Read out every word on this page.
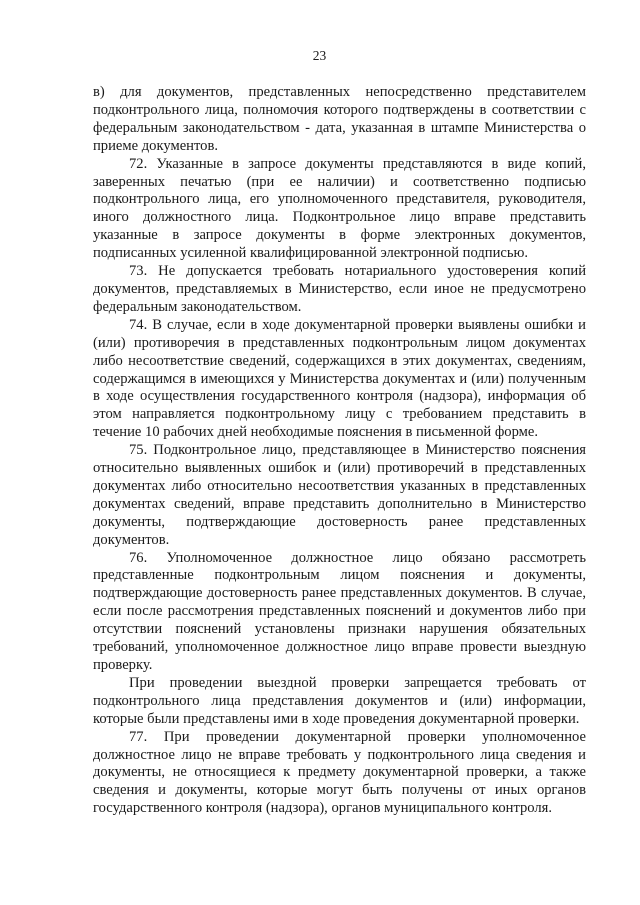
23

в) для документов, представленных непосредственно представителем подконтрольного лица, полномочия которого подтверждены в соответствии с федеральным законодательством - дата, указанная в штампе Министерства о приеме документов.

72. Указанные в запросе документы представляются в виде копий, заверенных печатью (при ее наличии) и соответственно подписью подконтрольного лица, его уполномоченного представителя, руководителя, иного должностного лица. Подконтрольное лицо вправе представить указанные в запросе документы в форме электронных документов, подписанных усиленной квалифицированной электронной подписью.

73. Не допускается требовать нотариального удостоверения копий документов, представляемых в Министерство, если иное не предусмотрено федеральным законодательством.

74. В случае, если в ходе документарной проверки выявлены ошибки и (или) противоречия в представленных подконтрольным лицом документах либо несоответствие сведений, содержащихся в этих документах, сведениям, содержащимся в имеющихся у Министерства документах и (или) полученным в ходе осуществления государственного контроля (надзора), информация об этом направляется подконтрольному лицу с требованием представить в течение 10 рабочих дней необходимые пояснения в письменной форме.

75. Подконтрольное лицо, представляющее в Министерство пояснения относительно выявленных ошибок и (или) противоречий в представленных документах либо относительно несоответствия указанных в представленных документах сведений, вправе представить дополнительно в Министерство документы, подтверждающие достоверность ранее представленных документов.

76. Уполномоченное должностное лицо обязано рассмотреть представленные подконтрольным лицом пояснения и документы, подтверждающие достоверность ранее представленных документов. В случае, если после рассмотрения представленных пояснений и документов либо при отсутствии пояснений установлены признаки нарушения обязательных требований, уполномоченное должностное лицо вправе провести выездную проверку.

При проведении выездной проверки запрещается требовать от подконтрольного лица представления документов и (или) информации, которые были представлены ими в ходе проведения документарной проверки.

77. При проведении документарной проверки уполномоченное должностное лицо не вправе требовать у подконтрольного лица сведения и документы, не относящиеся к предмету документарной проверки, а также сведения и документы, которые могут быть получены от иных органов государственного контроля (надзора), органов муниципального контроля.
